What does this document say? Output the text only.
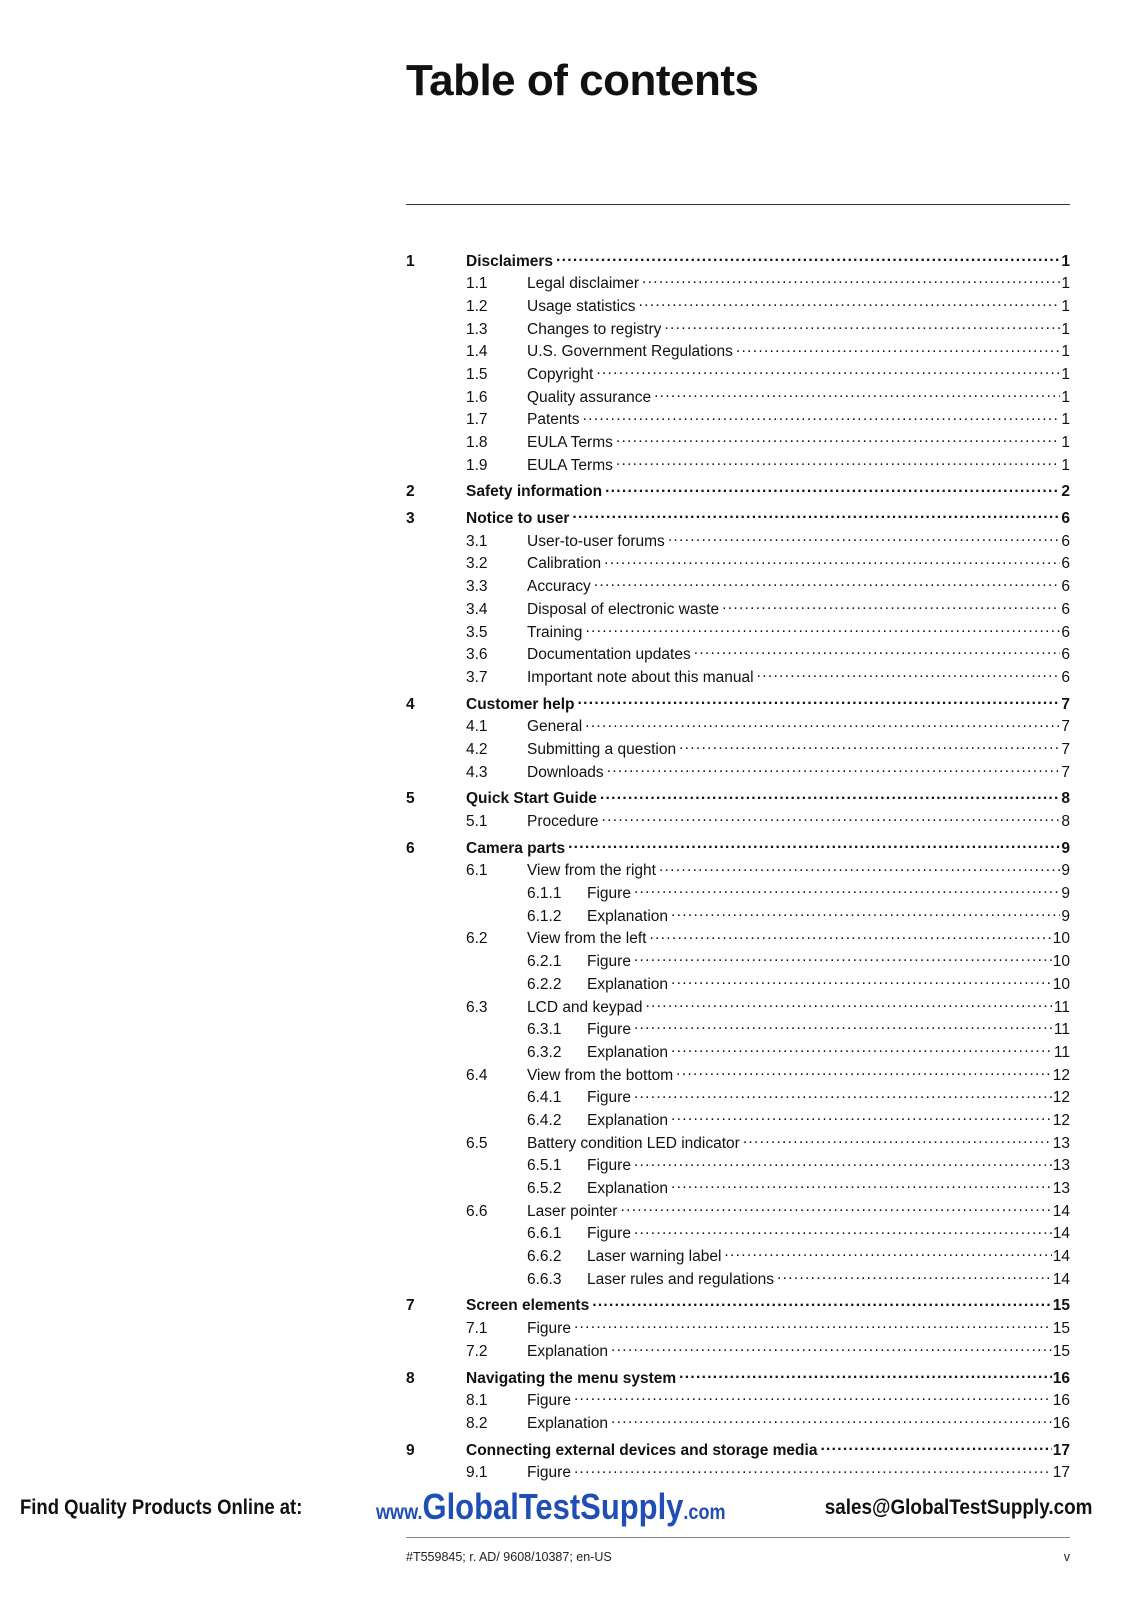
Table of contents
1	Disclaimers .....	1
1.1	Legal disclaimer .....	1
1.2	Usage statistics .....	1
1.3	Changes to registry .....	1
1.4	U.S. Government Regulations .....	1
1.5	Copyright .....	1
1.6	Quality assurance .....	1
1.7	Patents .....	1
1.8	EULA Terms .....	1
1.9	EULA Terms .....	1
2	Safety information .....	2
3	Notice to user .....	6
3.1	User-to-user forums .....	6
3.2	Calibration .....	6
3.3	Accuracy .....	6
3.4	Disposal of electronic waste .....	6
3.5	Training .....	6
3.6	Documentation updates .....	6
3.7	Important note about this manual .....	6
4	Customer help .....	7
4.1	General .....	7
4.2	Submitting a question .....	7
4.3	Downloads .....	7
5	Quick Start Guide .....	8
5.1	Procedure .....	8
6	Camera parts .....	9
6.1	View from the right .....	9
6.1.1	Figure .....	9
6.1.2	Explanation .....	9
6.2	View from the left .....	10
6.2.1	Figure .....	10
6.2.2	Explanation .....	10
6.3	LCD and keypad .....	11
6.3.1	Figure .....	11
6.3.2	Explanation .....	11
6.4	View from the bottom .....	12
6.4.1	Figure .....	12
6.4.2	Explanation .....	12
6.5	Battery condition LED indicator .....	13
6.5.1	Figure .....	13
6.5.2	Explanation .....	13
6.6	Laser pointer .....	14
6.6.1	Figure .....	14
6.6.2	Laser warning label .....	14
6.6.3	Laser rules and regulations .....	14
7	Screen elements .....	15
7.1	Figure .....	15
7.2	Explanation .....	15
8	Navigating the menu system .....	16
8.1	Figure .....	16
8.2	Explanation .....	16
9	Connecting external devices and storage media .....	17
9.1	Figure .....	17
Find Quality Products Online at:	www.GlobalTestSupply.com	sales@GlobalTestSupply.com
#T559845; r. AD/ 9608/10387; en-US	v
